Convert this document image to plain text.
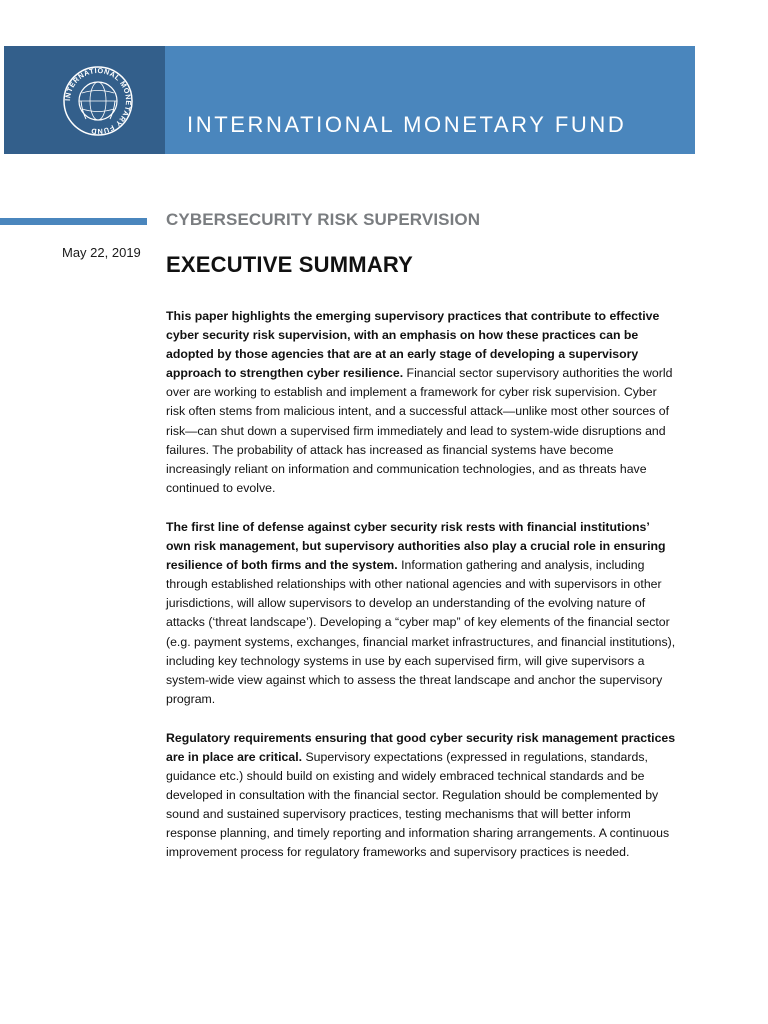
INTERNATIONAL MONETARY FUND	INTERNATIONAL MONETARY FUND
CYBERSECURITY RISK SUPERVISION
May 22, 2019 EXECUTIVE SUMMARY

This paper highlights the emerging supervisory practices that contribute to effective cyber security risk supervision, with an emphasis on how these practices can be adopted by those agencies that are at an early stage of developing a supervisory approach to strengthen cyber resilience. Financial sector supervisory authorities the world over are working to establish and implement a framework for cyber risk supervision. Cyber risk often stems from malicious intent, and a successful attack—unlike most other sources of risk—can shut down a supervised firm immediately and lead to system-wide disruptions and failures. The probability of attack has increased as financial systems have become increasingly reliant on information and communication technologies, and as threats have continued to evolve.

The first line of defense against cyber security risk rests with financial institutions’ own risk management, but supervisory authorities also play a crucial role in ensuring resilience of both firms and the system. Information gathering and analysis, including through established relationships with other national agencies and with supervisors in other jurisdictions, will allow supervisors to develop an understanding of the evolving nature of attacks (‘threat landscape’). Developing a “cyber map” of key elements of the financial sector (e.g. payment systems, exchanges, financial market infrastructures, and financial institutions), including key technology systems in use by each supervised firm, will give supervisors a system-wide view against which to assess the threat landscape and anchor the supervisory program.

Regulatory requirements ensuring that good cyber security risk management practices are in place are critical. Supervisory expectations (expressed in regulations, standards, guidance etc.) should build on existing and widely embraced technical standards and be developed in consultation with the financial sector. Regulation should be complemented by sound and sustained supervisory practices, testing mechanisms that will better inform response planning, and timely reporting and information sharing arrangements. A continuous improvement process for regulatory frameworks and supervisory practices is needed.
